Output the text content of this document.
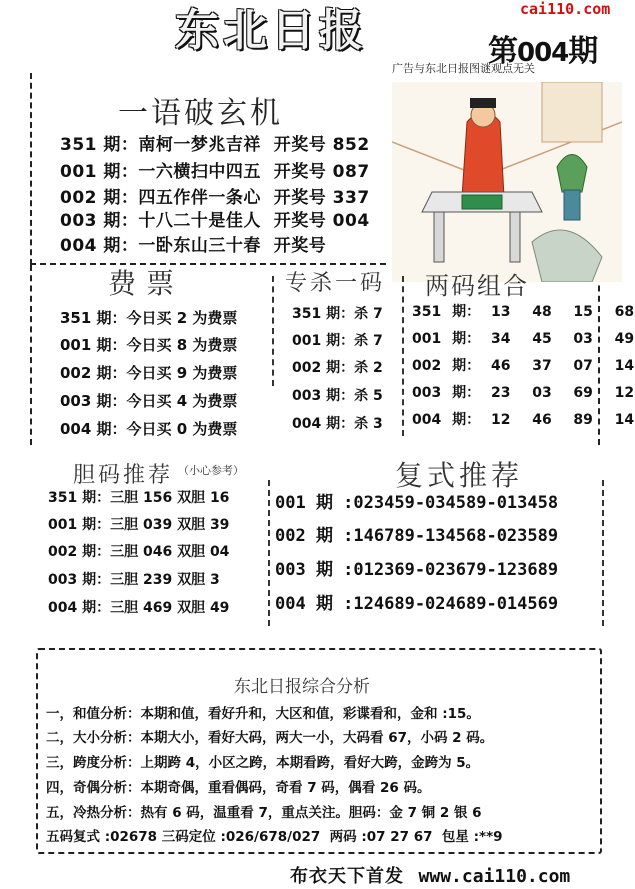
东北日报	cai110.com
第004期
广告与东北日报图谜观点无关
一语破玄机
351 期：南柯一梦兆吉祥  开奖号 852
001 期：一六横扫中四五  开奖号 087
002 期：四五作伴一条心  开奖号 337
003 期：十八二十是佳人  开奖号 004
004 期：一卧东山三十春  开奖号
费票
351 期：今日买 2 为费票
001 期：今日买 8 为费票
002 期：今日买 9 为费票
003 期：今日买 4 为费票
004 期：今日买 0 为费票
专杀一码
351 期：杀 7
001 期：杀 7
002 期：杀 2
003 期：杀 5
004 期：杀 3
两码组合
351 期： 13  48  15  68
001 期： 34  45  03  49
002 期： 46  37  07  14
003 期： 23  03  69  12
004 期： 12  46  89  14
胆码推荐 （小心参考）
351 期：三胆 156 双胆 16
001 期：三胆 039 双胆 39
002 期：三胆 046 双胆 04
003 期：三胆 239 双胆 3
004 期：三胆 469 双胆 49
复式推荐
001 期 :023459-034589-013458
002 期 :146789-134568-023589
003 期 :012369-023679-123689
004 期 :124689-024689-014569
东北日报综合分析
一，和值分析：本期和值，看好升和，大区和值，彩谍看和，金和 :15。
二，大小分析：本期大小，看好大码，两大一小，大码看 67，小码 2 码。
三，跨度分析：上期跨 4，小区之跨，本期看跨，看好大跨，金跨为 5。
四，奇偶分析：本期奇偶，重看偶码，奇看 7 码，偶看 26 码。
五，冷热分析：热有 6 码，温重看 7，重点关注。胆码：金 7 铜 2 银 6
五码复式 :02678 三码定位 :026/678/027  两码 :07 27 67  包星 :**9
布衣天下首发 www.cai110.com
